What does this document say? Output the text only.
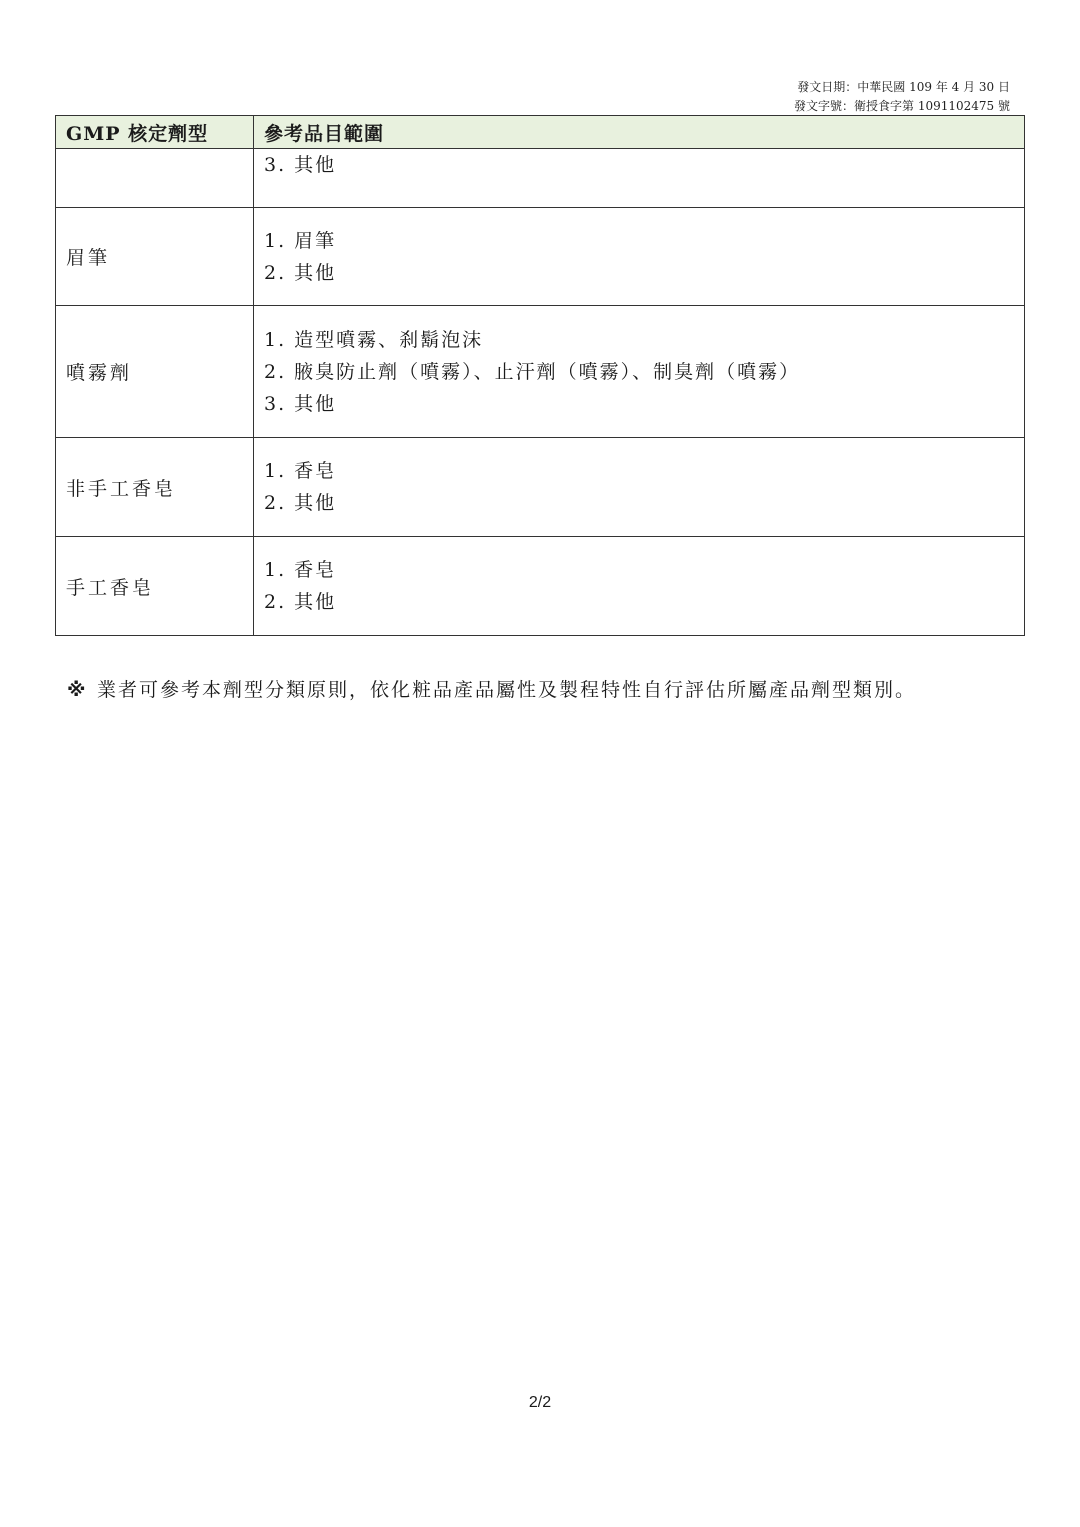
發文日期：中華民國 109 年 4 月 30 日
發文字號：衛授食字第 1091102475 號
GMP 核定劑型	參考品目範圍

	3. 其他

眉筆	1. 眉筆
2. 其他

噴霧劑	1. 造型噴霧、刹鬍泡沫
2. 腋臭防止劑（噴霧）、止汗劑（噴霧）、制臭劑（噴霧）
3. 其他

非手工香皂	1. 香皂
2. 其他

手工香皂	1. 香皂
2. 其他
※ 業者可參考本劑型分類原則，依化粧品產品屬性及製程特性自行評估所屬產品劑型類別。
2/2
